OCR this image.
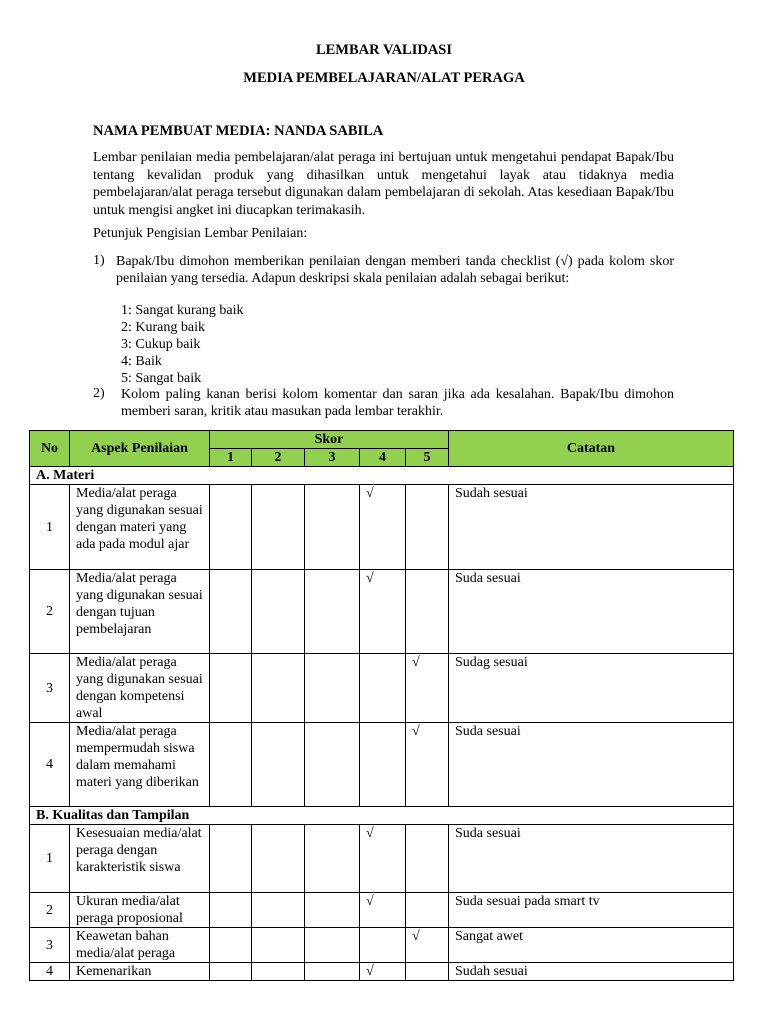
LEMBAR VALIDASI
MEDIA PEMBELAJARAN/ALAT PERAGA
NAMA PEMBUAT MEDIA: NANDA SABILA
Lembar penilaian media pembelajaran/alat peraga ini bertujuan untuk mengetahui pendapat Bapak/Ibu tentang kevalidan produk yang dihasilkan untuk mengetahui layak atau tidaknya media pembelajaran/alat peraga tersebut digunakan dalam pembelajaran di sekolah. Atas kesediaan Bapak/Ibu untuk mengisi angket ini diucapkan terimakasih.
Petunjuk Pengisian Lembar Penilaian:
1) Bapak/Ibu dimohon memberikan penilaian dengan memberi tanda checklist (√) pada kolom skor penilaian yang tersedia. Adapun deskripsi skala penilaian adalah sebagai berikut:
1: Sangat kurang baik
2: Kurang baik
3: Cukup baik
4: Baik
5: Sangat baik
2) Kolom paling kanan berisi kolom komentar dan saran jika ada kesalahan. Bapak/Ibu dimohon memberi saran, kritik atau masukan pada lembar terakhir.
No	Aspek Penilaian	Skor					Catatan
		1	2	3	4	5	
A. Materi							
1	Media/alat peraga yang digunakan sesuai dengan materi yang ada pada modul ajar				√		Sudah sesuai
2	Media/alat peraga yang digunakan sesuai dengan tujuan pembelajaran				√		Suda sesuai
3	Media/alat peraga yang digunakan sesuai dengan kompetensi awal					√	Sudag sesuai
4	Media/alat peraga mempermudah siswa dalam memahami materi yang diberikan					√	Suda sesuai
B. Kualitas dan Tampilan							
1	Kesesuaian media/alat peraga dengan karakteristik siswa				√		Suda sesuai
2	Ukuran media/alat peraga proposional				√		Suda sesuai pada smart tv
3	Keawetan bahan media/alat peraga					√	Sangat awet
4	Kemenarikan				√		Sudah sesuai
